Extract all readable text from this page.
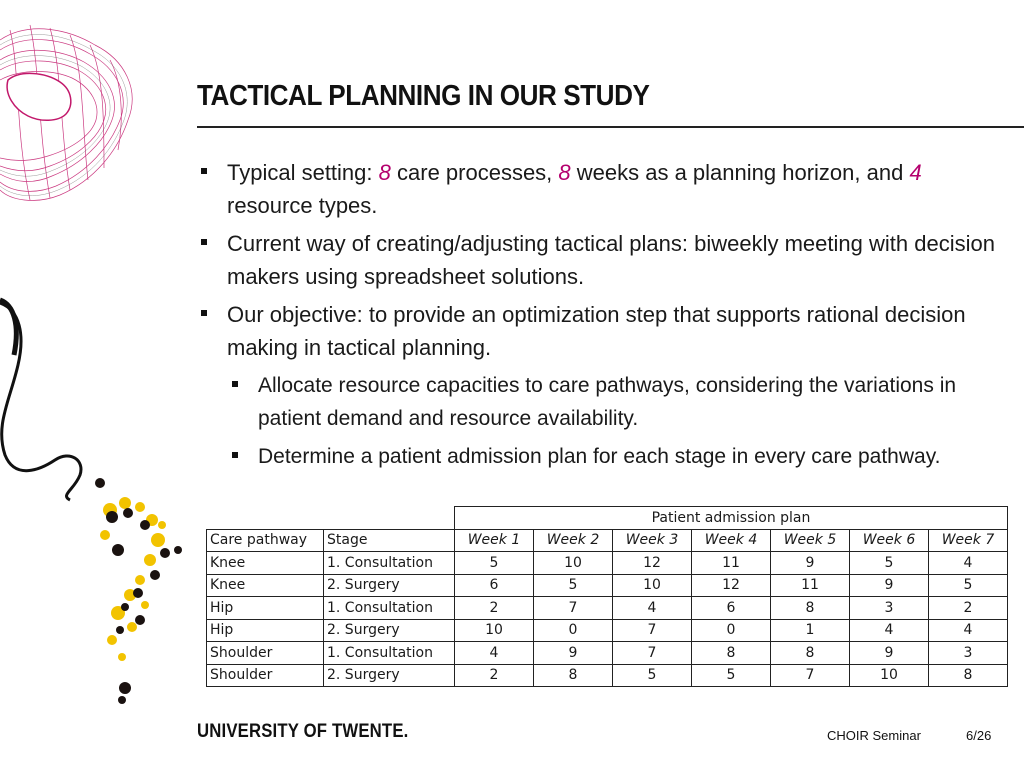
TACTICAL PLANNING IN OUR STUDY
Typical setting: 8 care processes, 8 weeks as a planning horizon, and 4 resource types.
Current way of creating/adjusting tactical plans: biweekly meeting with decision makers using spreadsheet solutions.
Our objective: to provide an optimization step that supports rational decision making in tactical planning.
Allocate resource capacities to care pathways, considering the variations in patient demand and resource availability.
Determine a patient admission plan for each stage in every care pathway.
		Patient admission plan						
Care pathway	Stage	Week 1	Week 2	Week 3	Week 4	Week 5	Week 6	Week 7
Knee	1. Consultation	5	10	12	11	9	5	4
Knee	2. Surgery	6	5	10	12	11	9	5
Hip	1. Consultation	2	7	4	6	8	3	2
Hip	2. Surgery	10	0	7	0	1	4	4
Shoulder	1. Consultation	4	9	7	8	8	9	3
Shoulder	2. Surgery	2	8	5	5	7	10	8
UNIVERSITY OF TWENTE.	CHOIR Seminar	6/26
